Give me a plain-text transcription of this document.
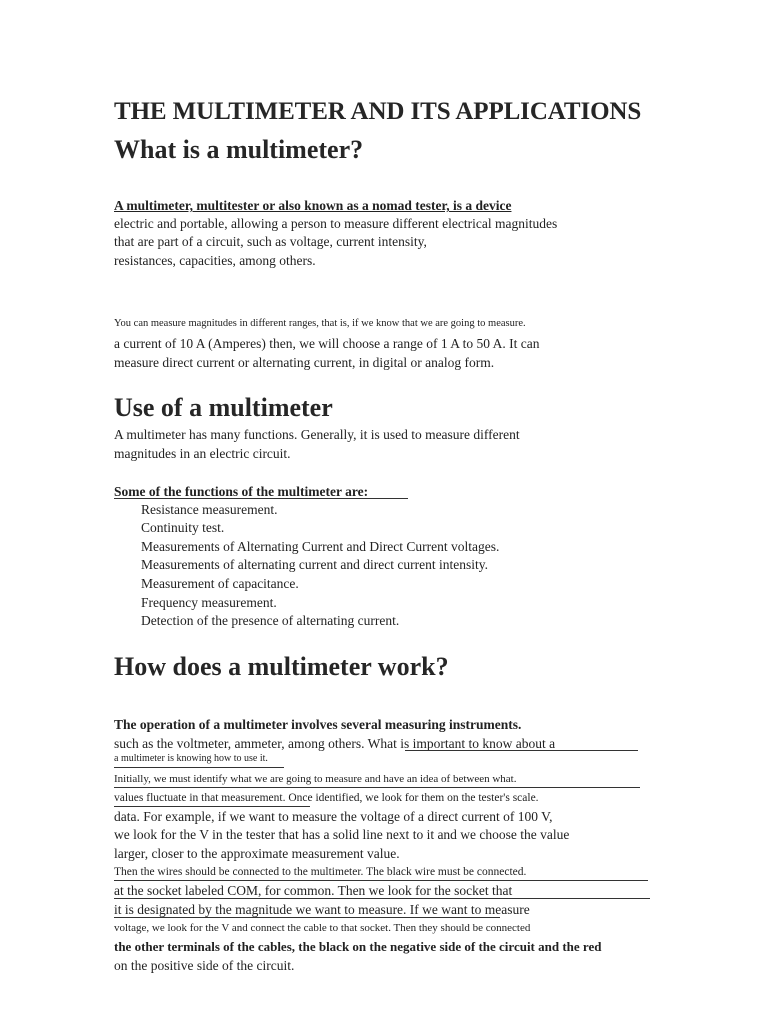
THE MULTIMETER AND ITS APPLICATIONS
What is a multimeter?
A multimeter, multitester or also known as a nomad tester, is a device
electric and portable, allowing a person to measure different electrical magnitudes
that are part of a circuit, such as voltage, current intensity,
resistances, capacities, among others.
You can measure magnitudes in different ranges, that is, if we know that we are going to measure.
a current of 10 A (Amperes) then, we will choose a range of 1 A to 50 A. It can
measure direct current or alternating current, in digital or analog form.
Use of a multimeter
A multimeter has many functions. Generally, it is used to measure different
magnitudes in an electric circuit.
Some of the functions of the multimeter are:
Resistance measurement.
Continuity test.
Measurements of Alternating Current and Direct Current voltages.
Measurements of alternating current and direct current intensity.
Measurement of capacitance.
Frequency measurement.
Detection of the presence of alternating current.
How does a multimeter work?
The operation of a multimeter involves several measuring instruments.
such as the voltmeter, ammeter, among others. What is important to know about a
a multimeter is knowing how to use it.
Initially, we must identify what we are going to measure and have an idea of between what.
values fluctuate in that measurement. Once identified, we look for them on the tester's scale.
data. For example, if we want to measure the voltage of a direct current of 100 V,
we look for the V in the tester that has a solid line next to it and we choose the value
larger, closer to the approximate measurement value.
Then the wires should be connected to the multimeter. The black wire must be connected.
at the socket labeled COM, for common. Then we look for the socket that
it is designated by the magnitude we want to measure. If we want to measure
voltage, we look for the V and connect the cable to that socket. Then they should be connected
the other terminals of the cables, the black on the negative side of the circuit and the red
on the positive side of the circuit.
